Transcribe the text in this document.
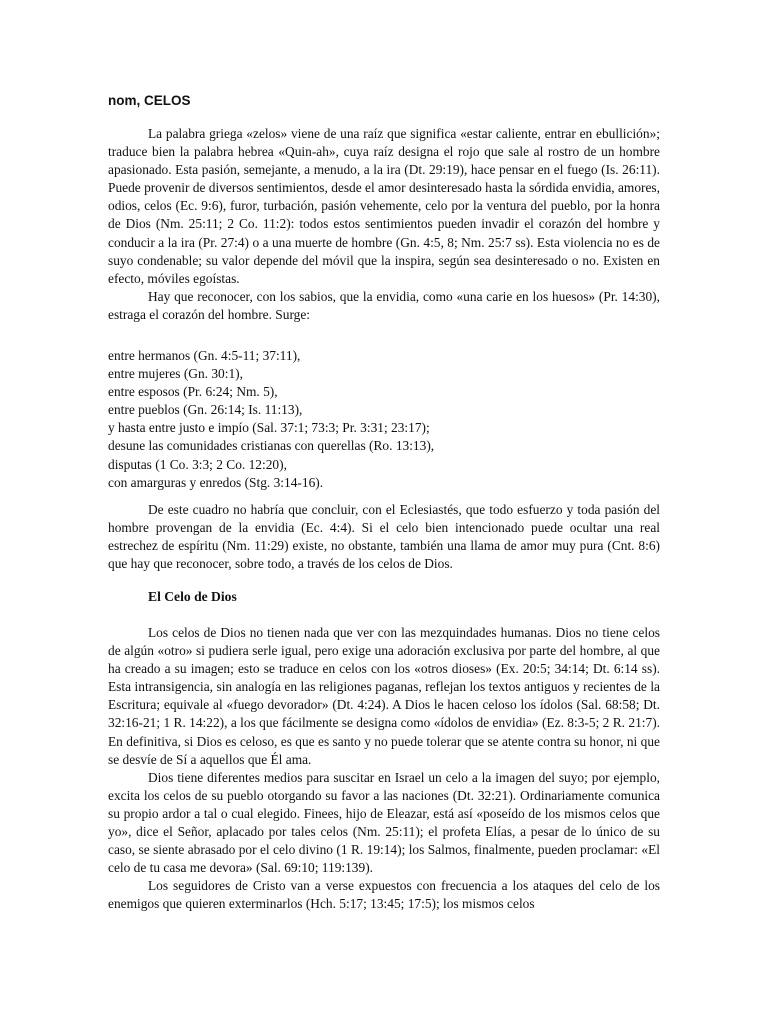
nom, CELOS

La palabra griega «zelos» viene de una raíz que significa «estar caliente, entrar en ebullición»; traduce bien la palabra hebrea «Quin-ah», cuya raíz designa el rojo que sale al rostro de un hombre apasionado. Esta pasión, semejante, a menudo, a la ira (Dt. 29:19), hace pensar en el fuego (Is. 26:11). Puede provenir de diversos sentimientos, desde el amor desinteresado hasta la sórdida envidia, amores, odios, celos (Ec. 9:6), furor, turbación, pasión vehemente, celo por la ventura del pueblo, por la honra de Dios (Nm. 25:11; 2 Co. 11:2): todos estos sentimientos pueden invadir el corazón del hombre y conducir a la ira (Pr. 27:4) o a una muerte de hombre (Gn. 4:5, 8; Nm. 25:7 ss). Esta violencia no es de suyo condenable; su valor depende del móvil que la inspira, según sea desinteresado o no. Existen en efecto, móviles egoístas.

Hay que reconocer, con los sabios, que la envidia, como «una carie en los huesos» (Pr. 14:30), estraga el corazón del hombre. Surge:

entre hermanos (Gn. 4:5-11; 37:11),
entre mujeres (Gn. 30:1),
entre esposos (Pr. 6:24; Nm. 5),
entre pueblos (Gn. 26:14; Is. 11:13),
y hasta entre justo e impío (Sal. 37:1; 73:3; Pr. 3:31; 23:17);
desune las comunidades cristianas con querellas (Ro. 13:13),
disputas (1 Co. 3:3; 2 Co. 12:20),
con amarguras y enredos (Stg. 3:14-16).

De este cuadro no habría que concluir, con el Eclesiastés, que todo esfuerzo y toda pasión del hombre provengan de la envidia (Ec. 4:4). Si el celo bien intencionado puede ocultar una real estrechez de espíritu (Nm. 11:29) existe, no obstante, también una llama de amor muy pura (Cnt. 8:6) que hay que reconocer, sobre todo, a través de los celos de Dios.

El Celo de Dios

Los celos de Dios no tienen nada que ver con las mezquindades humanas. Dios no tiene celos de algún «otro» si pudiera serle igual, pero exige una adoración exclusiva por parte del hombre, al que ha creado a su imagen; esto se traduce en celos con los «otros dioses» (Ex. 20:5; 34:14; Dt. 6:14 ss). Esta intransigencia, sin analogía en las religiones paganas, reflejan los textos antiguos y recientes de la Escritura; equivale al «fuego devorador» (Dt. 4:24). A Dios le hacen celoso los ídolos (Sal. 68:58; Dt. 32:16-21; 1 R. 14:22), a los que fácilmente se designa como «ídolos de envidia» (Ez. 8:3-5; 2 R. 21:7). En definitiva, si Dios es celoso, es que es santo y no puede tolerar que se atente contra su honor, ni que se desvíe de Sí a aquellos que Él ama.

Dios tiene diferentes medios para suscitar en Israel un celo a la imagen del suyo; por ejemplo, excita los celos de su pueblo otorgando su favor a las naciones (Dt. 32:21). Ordinariamente comunica su propio ardor a tal o cual elegido. Finees, hijo de Eleazar, está así «poseído de los mismos celos que yo», dice el Señor, aplacado por tales celos (Nm. 25:11); el profeta Elías, a pesar de lo único de su caso, se siente abrasado por el celo divino (1 R. 19:14); los Salmos, finalmente, pueden proclamar: «El celo de tu casa me devora» (Sal. 69:10; 119:139).

Los seguidores de Cristo van a verse expuestos con frecuencia a los ataques del celo de los enemigos que quieren exterminarlos (Hch. 5:17; 13:45; 17:5); los mismos celos
